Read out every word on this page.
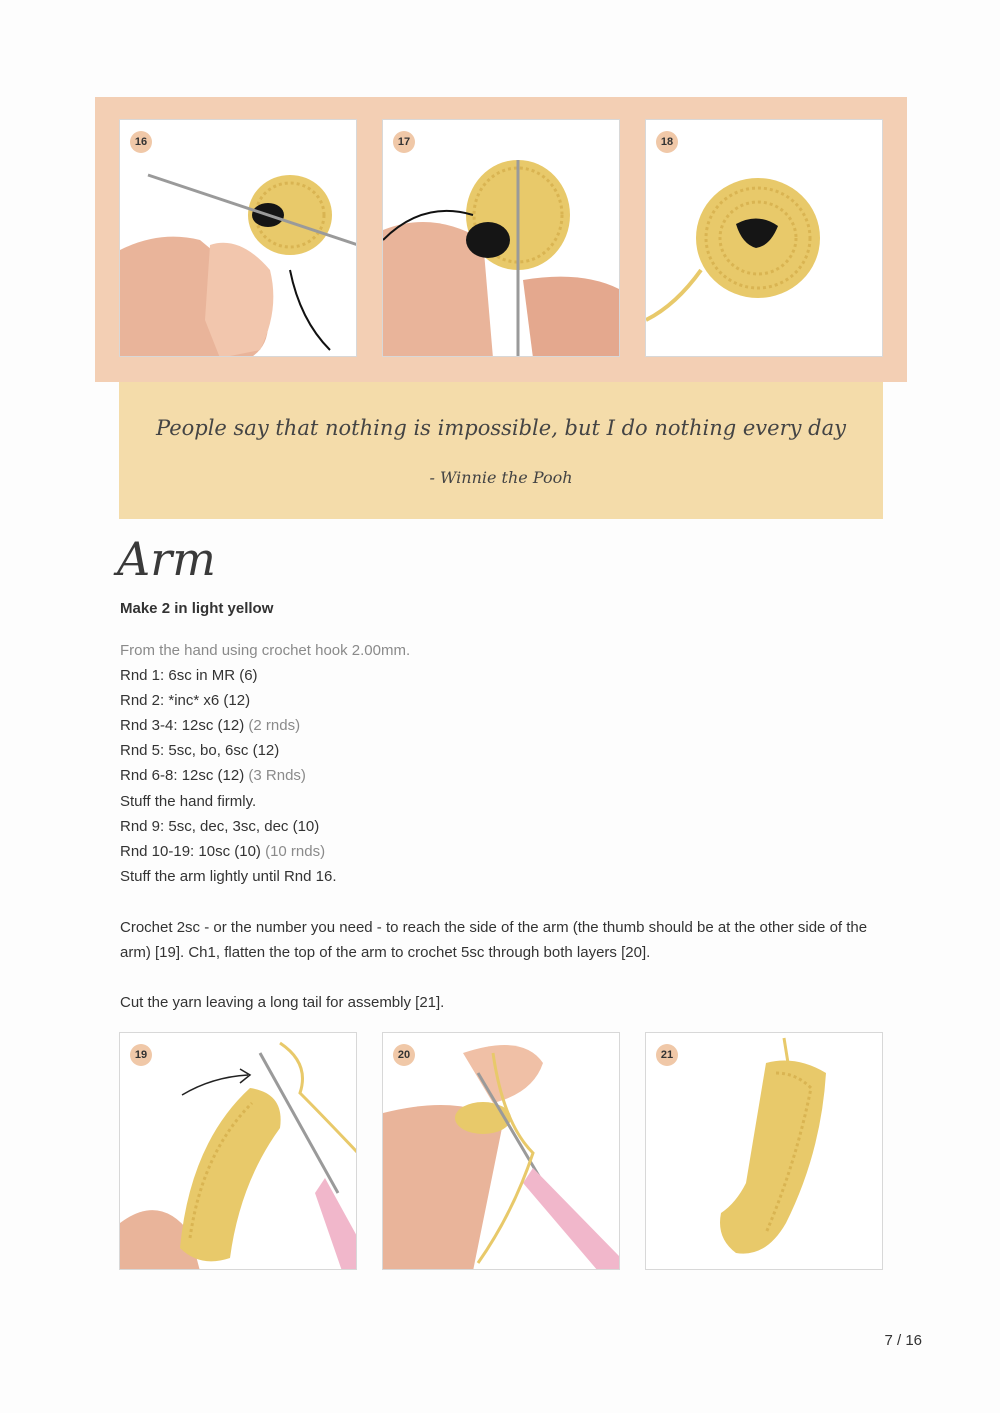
16	17	18
People say that nothing is impossible, but I do nothing every day
- Winnie the Pooh
Arm
Make 2 in light yellow
From the hand using crochet hook 2.00mm.
Rnd 1: 6sc in MR (6)
Rnd 2: *inc* x6 (12)
Rnd 3-4: 12sc (12) (2 rnds)
Rnd 5: 5sc, bo, 6sc (12)
Rnd 6-8: 12sc (12) (3 Rnds)
Stuff the hand firmly.
Rnd 9: 5sc, dec, 3sc, dec (10)
Rnd 10-19: 10sc (10) (10 rnds)
Stuff the arm lightly until Rnd 16.
Crochet 2sc - or the number you need - to reach the side of the arm (the thumb should be at the other side of the arm) [19]. Ch1, flatten the top of the arm to crochet 5sc through both layers [20].
Cut the yarn leaving a long tail for assembly [21].
19	20	21
7 / 16
